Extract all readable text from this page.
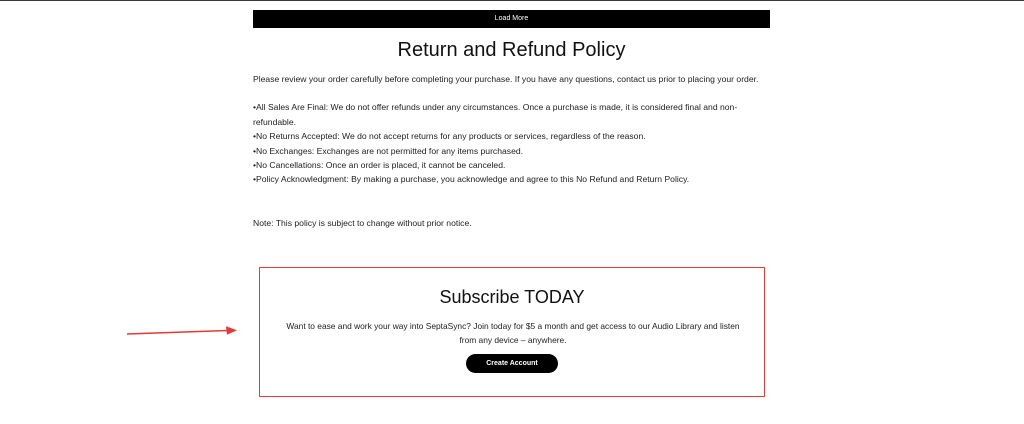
Load More
Return and Refund Policy

Please review your order carefully before completing your purchase. If you have any questions, contact us prior to placing your order.

•All Sales Are Final: We do not offer refunds under any circumstances. Once a purchase is made, it is considered final and non-refundable.

•No Returns Accepted: We do not accept returns for any products or services, regardless of the reason.

•No Exchanges: Exchanges are not permitted for any items purchased.

•No Cancellations: Once an order is placed, it cannot be canceled.

•Policy Acknowledgment: By making a purchase, you acknowledge and agree to this No Refund and Return Policy.

Note: This policy is subject to change without prior notice.

Subscribe TODAY

Want to ease and work your way into SeptaSync? Join today for $5 a month and get access to our Audio Library and listen from any device – anywhere.

Create Account
